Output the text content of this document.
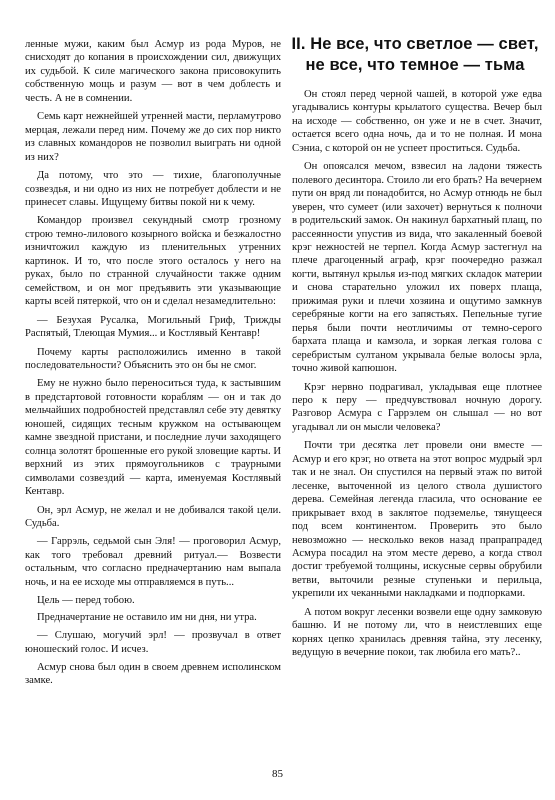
ленные мужи, каким был Асмур из рода Муров, не снисходят до копания в происхождении сил, движущих их судьбой. К силе магического закона присовокупить собственную мощь и разум — вот в чем доблесть и честь. А не в сомнении.

Семь карт нежнейшей утренней масти, перламутрово мерцая, лежали перед ним. Почему же до сих пор никто из славных командоров не позволил выиграть ни одной из них?

Да потому, что это — тихие, благополучные созвездья, и ни одно из них не потребует доблести и не принесет славы. Ищущему битвы покой ни к чему.

Командор произвел секундный смотр грозному строю темно-лилового козырного войска и безжалостно изничтожил каждую из пленительных утренних картинок. И то, что после этого осталось у него на руках, было по странной случайности также одним семейством, и он мог предъявить эти указывающие карты всей пятеркой, что он и сделал незамедлительно:

— Безухая Русалка, Могильный Гриф, Трижды Распятый, Тлеющая Мумия... и Костлявый Кентавр!

Почему карты расположились именно в такой последовательности? Объяснить это он бы не смог.

Ему не нужно было переноситься туда, к застывшим в предстартовой готовности кораблям — он и так до мельчайших подробностей представлял себе эту девятку юношей, сидящих тесным кружком на остывающем камне звездной пристани, и последние лучи заходящего солнца золотят брошенные его рукой зловещие карты. И верхний из этих прямоугольников с траурными символами созвездий — карта, именуемая Костлявый Кентавр.

Он, эрл Асмур, не желал и не добивался такой цели. Судьба.

— Гаррэль, седьмой сын Эля! — проговорил Асмур, как того требовал древний ритуал.— Возвести остальным, что согласно предначертанию нам выпала ночь, и на ее исходе мы отправляемся в путь...

Цель — перед тобою.

Предначертание не оставило им ни дня, ни утра.

— Слушаю, могучий эрл! — прозвучал в ответ юношеский голос. И исчез.

Асмур снова был один в своем древнем исполинском замке.

II. Не все, что светлое — свет,
не все, что темное — тьма

Он стоял перед черной чашей, в которой уже едва угадывались контуры крылатого существа. Вечер был на исходе — собственно, он уже и не в счет. Значит, остается всего одна ночь, да и то не полная. И мона Сэниа, с которой он не успеет проститься. Судьба.

Он опоясался мечом, взвесил на ладони тяжесть полевого десинтора. Стоило ли его брать? На вечернем пути он вряд ли понадобится, но Асмур отнюдь не был уверен, что сумеет (или захочет) вернуться к полночи в родительский замок. Он накинул бархатный плащ, по рассеянности упустив из вида, что закаленный боевой крэг нежностей не терпел. Когда Асмур застегнул на плече драгоценный аграф, крэг поочередно разжал когти, вытянул крылья из-под мягких складок материи и снова старательно уложил их поверх плаща, прижимая руки и плечи хозяина и ощутимо замкнув серебряные когти на его запястьях. Пепельные тугие перья были почти неотличимы от темно-серого бархата плаща и камзола, и зоркая легкая голова с серебристым султаном укрывала белые волосы эрла, точно живой капюшон.

Крэг нервно подрагивал, укладывая еще плотнее перо к перу — предчувствовал ночную дорогу. Разговор Асмура с Гаррэлем он слышал — но вот угадывал ли он мысли человека?

Почти три десятка лет провели они вместе — Асмур и его крэг, но ответа на этот вопрос мудрый эрл так и не знал. Он спустился на первый этаж по витой лесенке, выточенной из целого ствола душистого дерева. Семейная легенда гласила, что основание ее прикрывает вход в заклятое подземелье, тянущееся под всем континентом. Проверить это было невозможно — несколько веков назад прапрапрадед Асмура посадил на этом месте дерево, а когда ствол достиг требуемой толщины, искусные сервы обрубили ветви, выточили резные ступеньки и перильца, укрепили их чеканными накладками и подпорками.

А потом вокруг лесенки возвели еще одну замковую башню. И не потому ли, что в неистлевших еще корнях цепко хранилась древняя тайна, эту лесенку, ведущую в вечерние покои, так любила его мать?..

85
